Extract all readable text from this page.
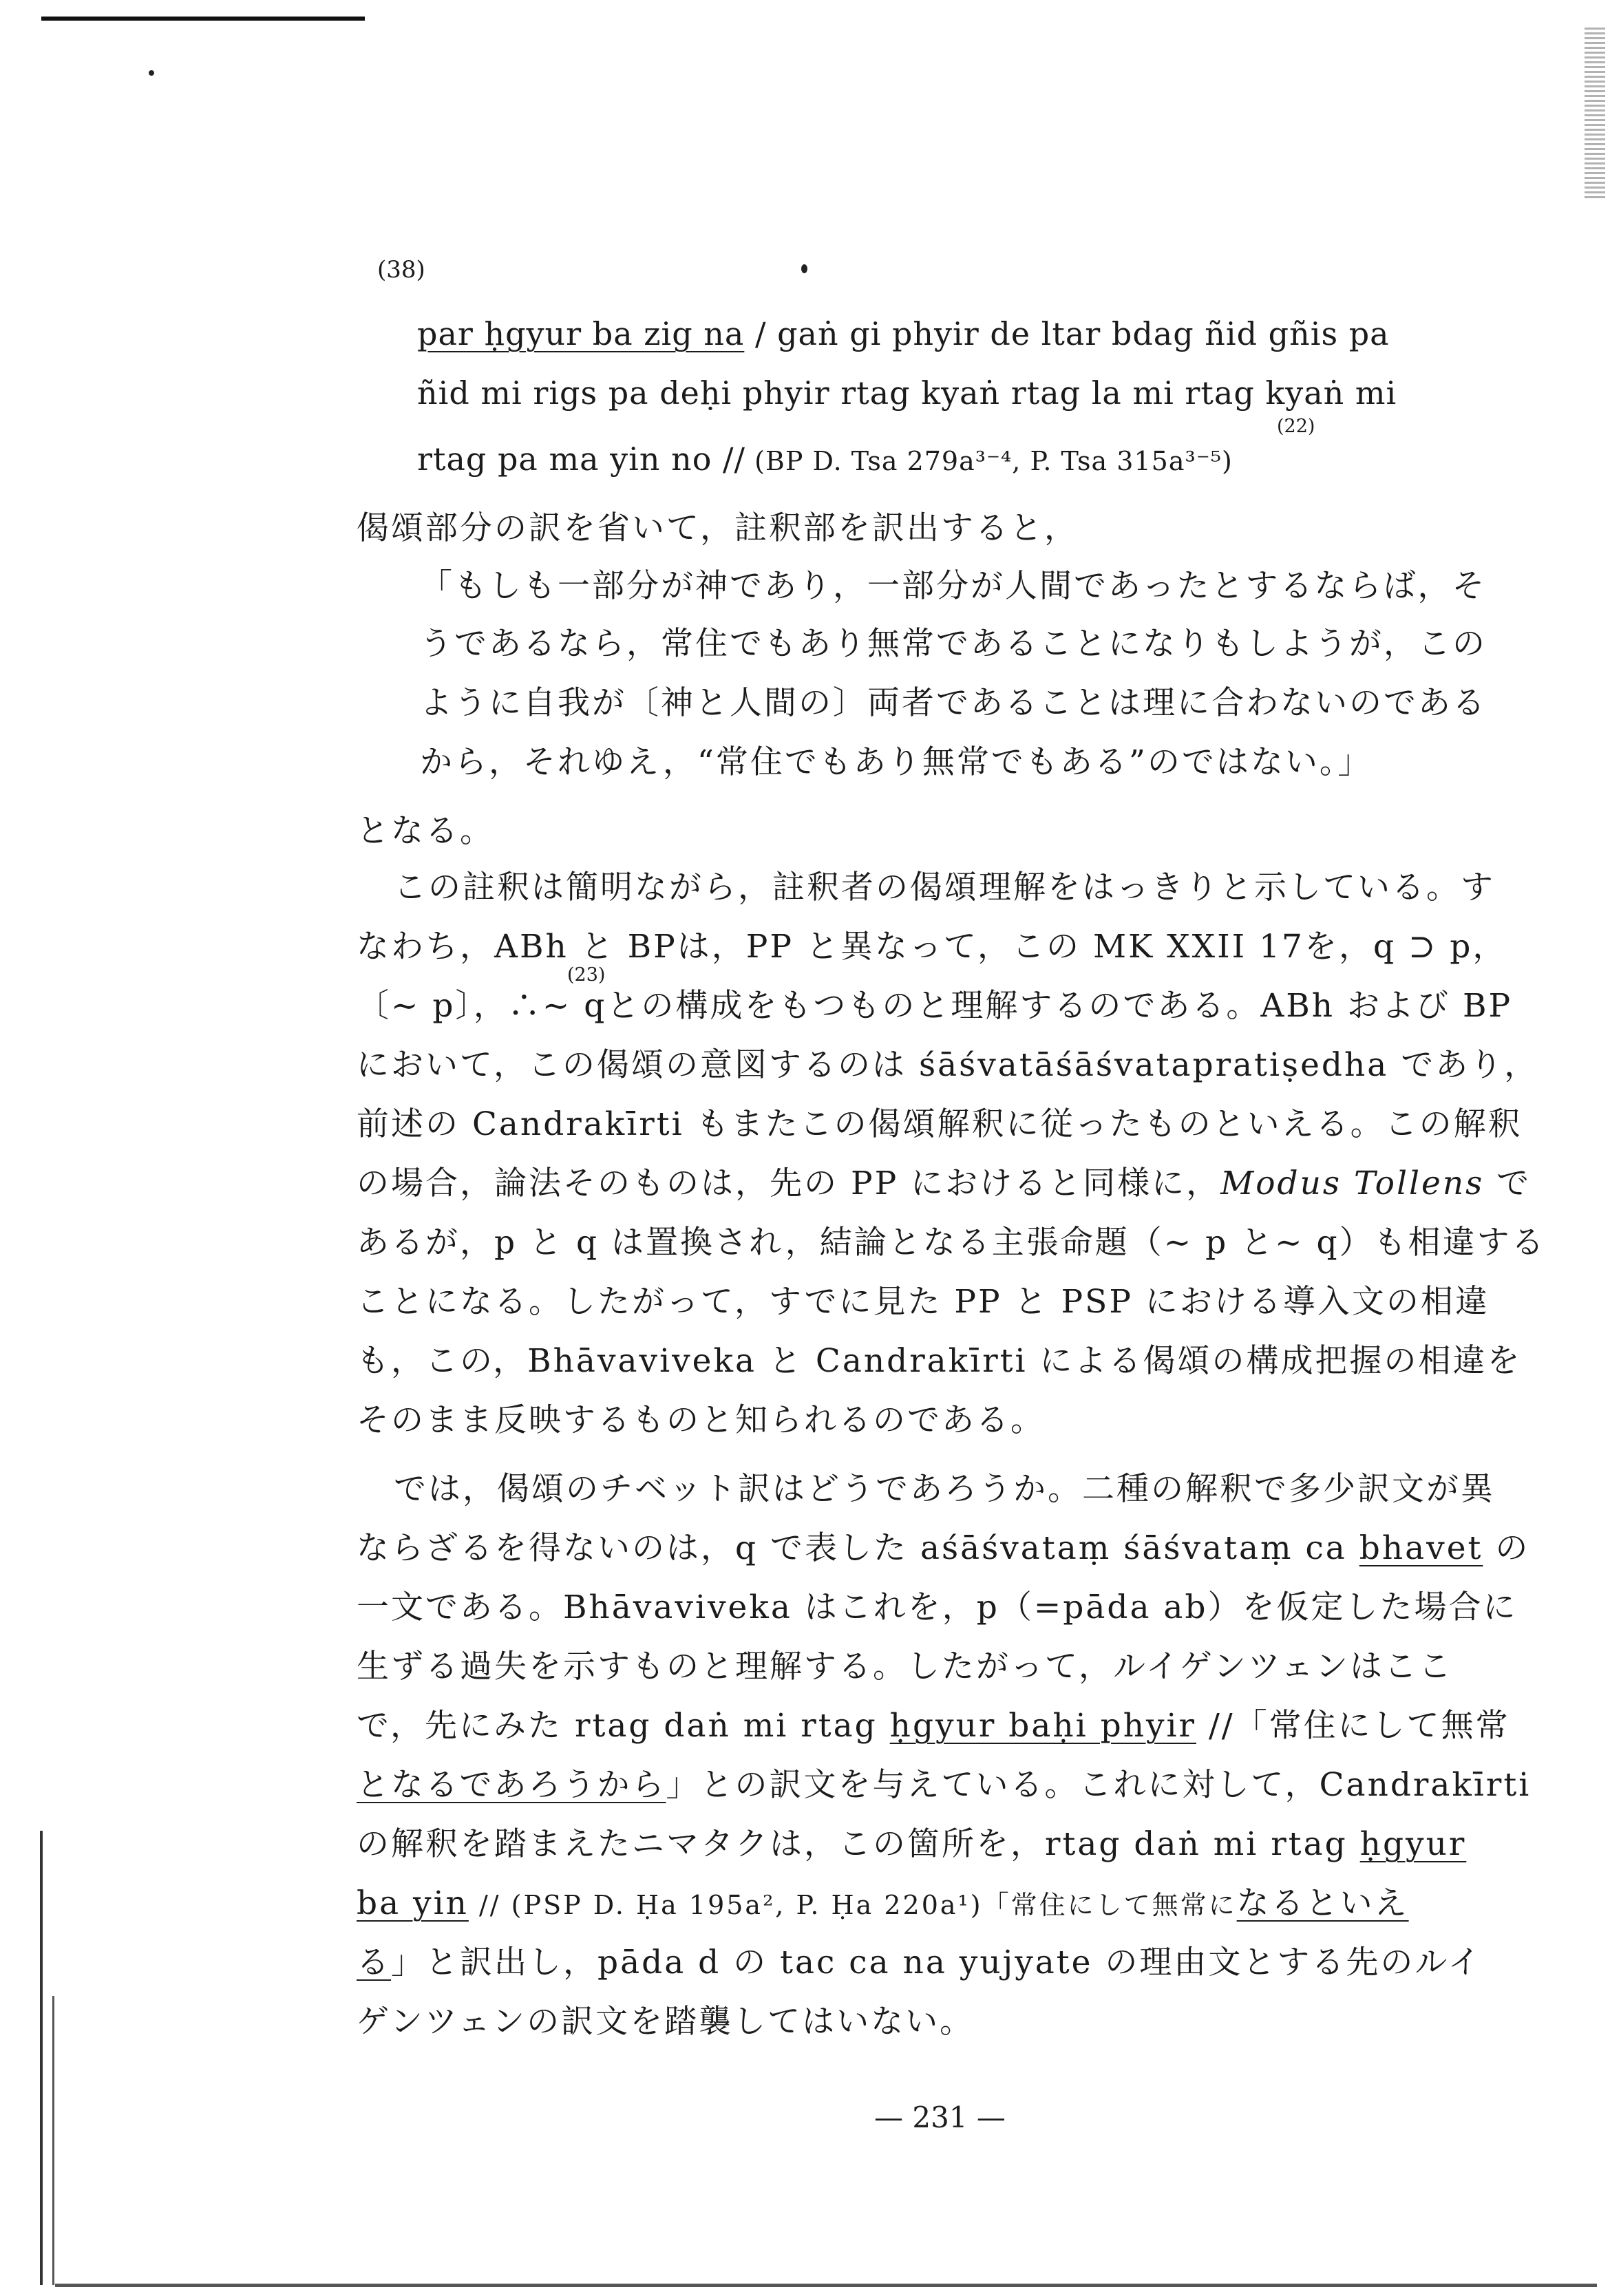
(38)
par ḥgyur ba zig na / gaṅ gi phyir de ltar bdag ñid gñis pa
ñid mi rigs pa deḥi phyir rtag kyaṅ rtag la mi rtag kyaṅ mi
rtag pa ma yin no // (BP D. Tsa 279a³⁻⁴, P. Tsa 315a³⁻⁵)
(22)
偈頌部分の訳を省いて，註釈部を訳出すると，
「もしも一部分が神であり，一部分が人間であったとするならば，そ
うであるなら，常住でもあり無常であることになりもしようが，この
ように自我が〔神と人間の〕両者であることは理に合わないのである
から，それゆえ，“常住でもあり無常でもある”のではない。」
となる。
この註釈は簡明ながら，註釈者の偈頌理解をはっきりと示している。す
なわち，ABh と BPは，PP と異なって，この MK XXII 17を，q ⊃ p，
〔∼ p〕，∴∼ qとの構成をもつものと理解するのである。ABh および BP
(23)
において，この偈頌の意図するのは śāśvatāśāśvatapratiṣedha であり，
前述の Candrakīrti もまたこの偈頌解釈に従ったものといえる。この解釈
の場合，論法そのものは，先の PP におけると同様に，Modus Tollens で
あるが，p と q は置換され，結論となる主張命題（∼ p と∼ q）も相違する
ことになる。したがって，すでに見た PP と PSP における導入文の相違
も，この，Bhāvaviveka と Candrakīrti による偈頌の構成把握の相違を
そのまま反映するものと知られるのである。
では，偈頌のチベット訳はどうであろうか。二種の解釈で多少訳文が異
ならざるを得ないのは，q で表した aśāśvataṃ śāśvataṃ ca bhavet の
一文である。Bhāvaviveka はこれを，p（=pāda ab）を仮定した場合に
生ずる過失を示すものと理解する。したがって，ルイゲンツェンはここ
で，先にみた rtag daṅ mi rtag ḥgyur baḥi phyir //「常住にして無常
となるであろうから」との訳文を与えている。これに対して，Candrakīrti
の解釈を踏まえたニマタクは，この箇所を，rtag daṅ mi rtag ḥgyur
ba yin // (PSP D. Ḥa 195a², P. Ḥa 220a¹)「常住にして無常になるといえ
る」と訳出し，pāda d の tac ca na yujyate の理由文とする先のルイ
ゲンツェンの訳文を踏襲してはいない。
— 231 —
